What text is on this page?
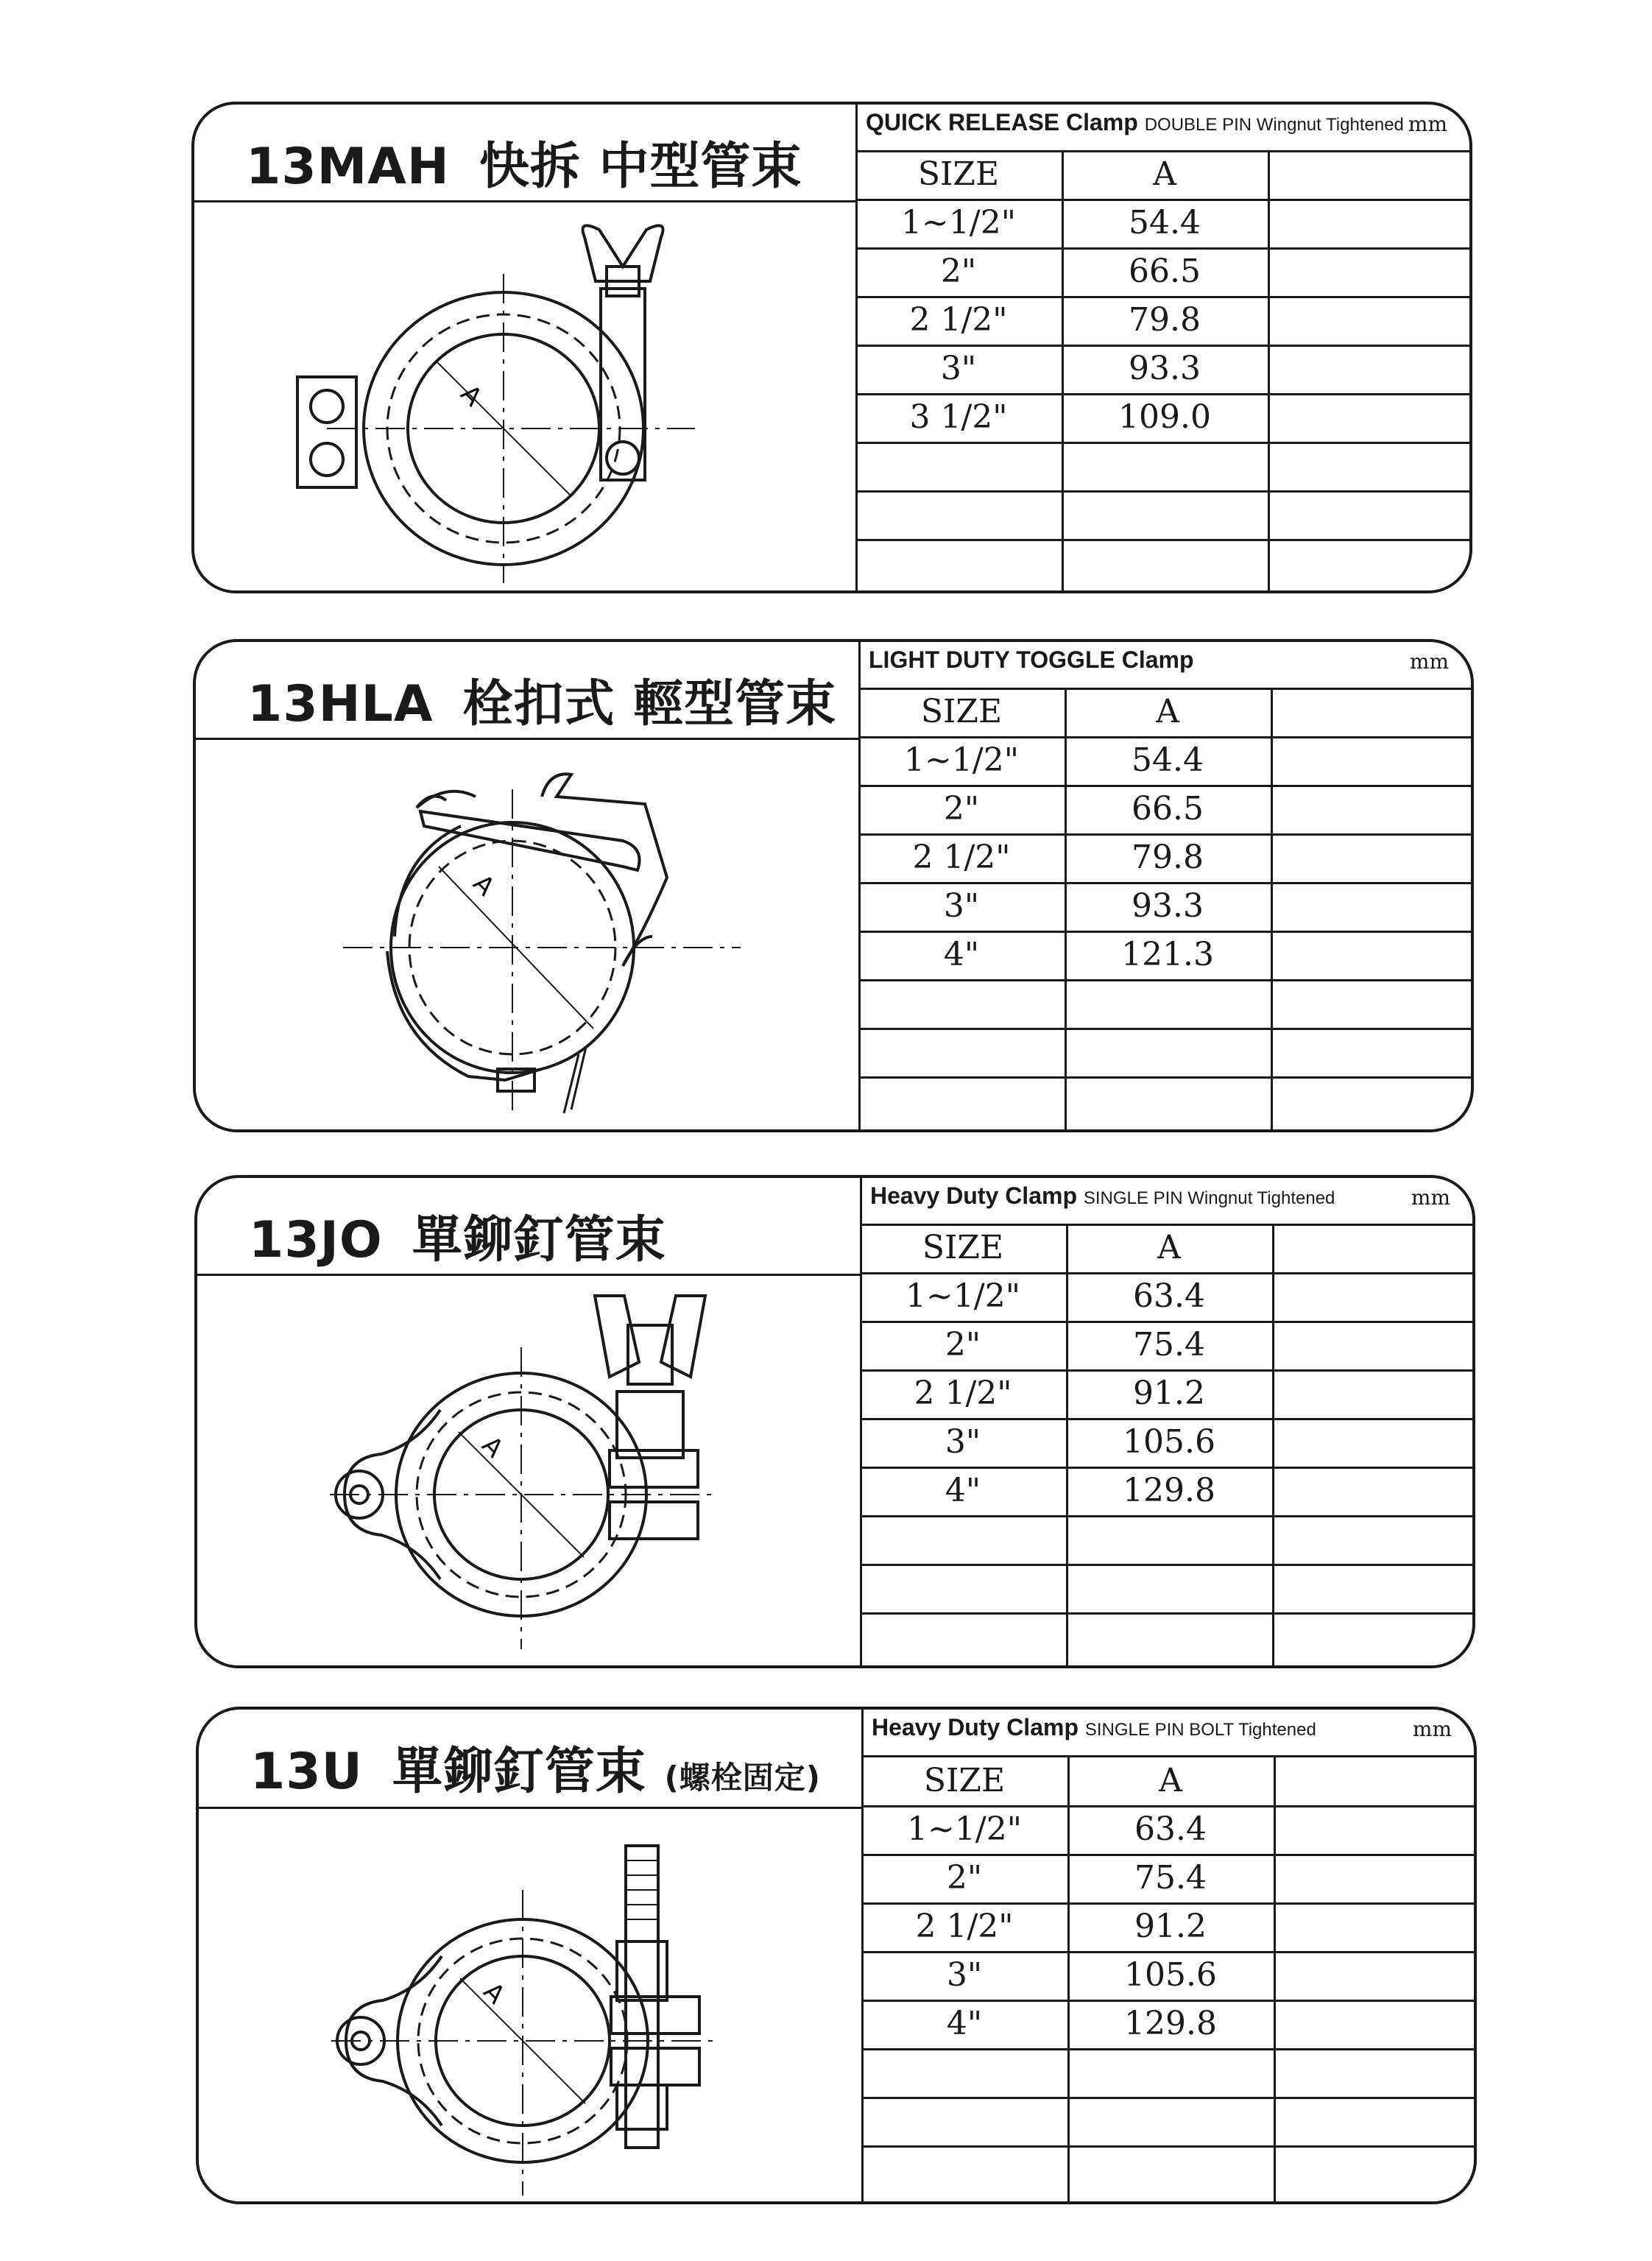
13MAH 快拆 中型管束
QUICK RELEASE Clamp DOUBLE PIN Wingnut Tightened mm
SIZE	A
1~1/2"	54.4
2"	66.5
2 1/2"	79.8
3"	93.3
3 1/2"	109.0
A
13HLA 栓扣式 輕型管束
LIGHT DUTY TOGGLE Clamp	mm
SIZE	A
1~1/2"	54.4
2"	66.5
2 1/2"	79.8
3"	93.3
4"	121.3
A
13JO 單鉚釘管束
Heavy Duty Clamp SINGLE PIN Wingnut Tightened	mm
SIZE	A
1~1/2"	63.4
2"	75.4
2 1/2"	91.2
3"	105.6
4"	129.8
A
13U 單鉚釘管束 (螺栓固定)
Heavy Duty Clamp SINGLE PIN BOLT Tightened	mm
SIZE	A
1~1/2"	63.4
2"	75.4
2 1/2"	91.2
3"	105.6
4"	129.8
A
